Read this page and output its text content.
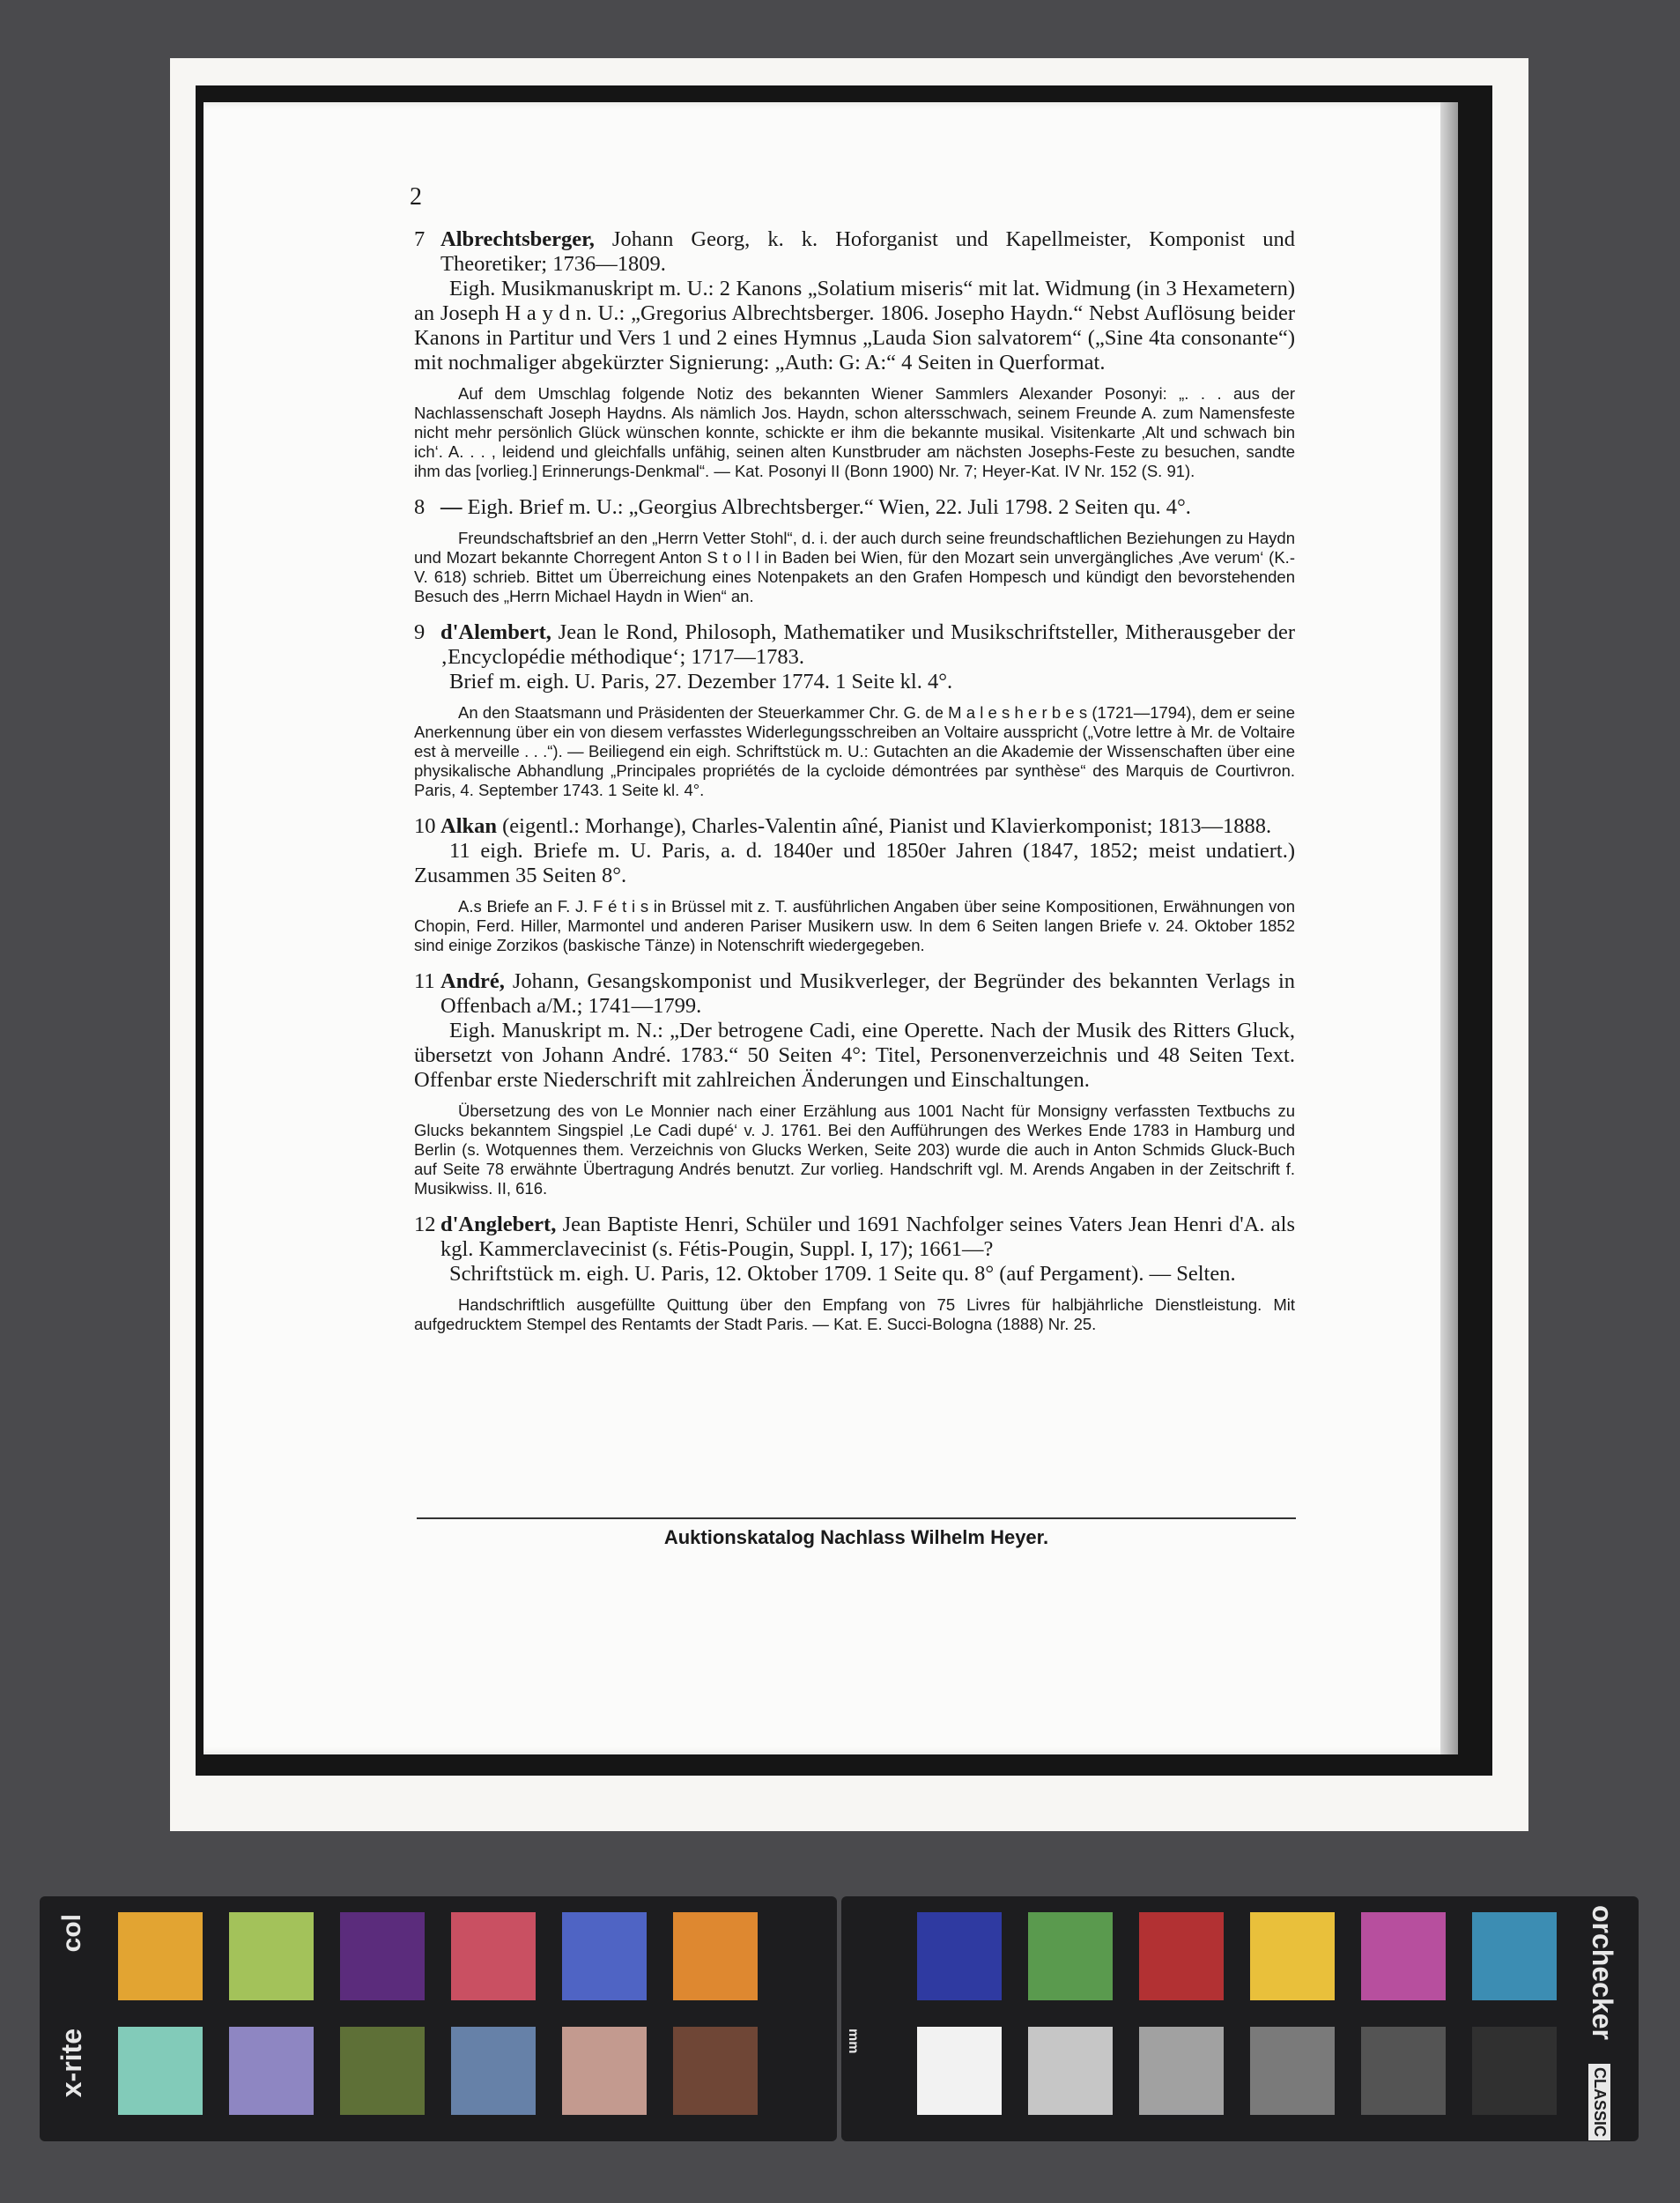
2
7 Albrechtsberger, Johann Georg, k. k. Hoforganist und Kapellmeister, Komponist und Theoretiker; 1736—1809.
Eigh. Musikmanuskript m. U.: 2 Kanons „Solatium miseris“ mit lat. Widmung (in 3 Hexametern) an Joseph H a y d n. U.: „Gregorius Albrechtsberger. 1806. Josepho Haydn.“ Nebst Auflösung beider Kanons in Partitur und Vers 1 und 2 eines Hymnus „Lauda Sion salvatorem“ („Sine 4ta consonante“) mit nochmaliger abgekürzter Signierung: „Auth: G: A:“ 4 Seiten in Querformat.
Auf dem Umschlag folgende Notiz des bekannten Wiener Sammlers Alexander Posonyi: „. . . aus der Nachlassenschaft Joseph Haydns. Als nämlich Jos. Haydn, schon altersschwach, seinem Freunde A. zum Namensfeste nicht mehr persönlich Glück wünschen konnte, schickte er ihm die bekannte musikal. Visitenkarte ‚Alt und schwach bin ich‘. A. . . , leidend und gleichfalls unfähig, seinen alten Kunstbruder am nächsten Josephs-Feste zu besuchen, sandte ihm das [vorlieg.] Erinnerungs-Denkmal“. — Kat. Posonyi II (Bonn 1900) Nr. 7; Heyer-Kat. IV Nr. 152 (S. 91).
8 — Eigh. Brief m. U.: „Georgius Albrechtsberger.“ Wien, 22. Juli 1798. 2 Seiten qu. 4°.
Freundschaftsbrief an den „Herrn Vetter Stohl“, d. i. der auch durch seine freundschaftlichen Beziehungen zu Haydn und Mozart bekannte Chorregent Anton S t o l l in Baden bei Wien, für den Mozart sein unvergängliches ‚Ave verum‘ (K.-V. 618) schrieb. Bittet um Überreichung eines Notenpakets an den Grafen Hompesch und kündigt den bevorstehenden Besuch des „Herrn Michael Haydn in Wien“ an.
9 d'Alembert, Jean le Rond, Philosoph, Mathematiker und Musikschriftsteller, Mitherausgeber der ‚Encyclopédie méthodique‘; 1717—1783.
Brief m. eigh. U. Paris, 27. Dezember 1774. 1 Seite kl. 4°.
An den Staatsmann und Präsidenten der Steuerkammer Chr. G. de M a l e s h e r b e s (1721—1794), dem er seine Anerkennung über ein von diesem verfasstes Widerlegungsschreiben an Voltaire ausspricht („Votre lettre à Mr. de Voltaire est à merveille . . .“). — Beiliegend ein eigh. Schriftstück m. U.: Gutachten an die Akademie der Wissenschaften über eine physikalische Abhandlung „Principales propriétés de la cycloide démontrées par synthèse“ des Marquis de Courtivron. Paris, 4. September 1743. 1 Seite kl. 4°.
10 Alkan (eigentl.: Morhange), Charles-Valentin aîné, Pianist und Klavierkomponist; 1813—1888.
11 eigh. Briefe m. U. Paris, a. d. 1840er und 1850er Jahren (1847, 1852; meist undatiert.) Zusammen 35 Seiten 8°.
A.s Briefe an F. J. F é t i s in Brüssel mit z. T. ausführlichen Angaben über seine Kompositionen, Erwähnungen von Chopin, Ferd. Hiller, Marmontel und anderen Pariser Musikern usw. In dem 6 Seiten langen Briefe v. 24. Oktober 1852 sind einige Zorzikos (baskische Tänze) in Notenschrift wiedergegeben.
11 André, Johann, Gesangskomponist und Musikverleger, der Begründer des bekannten Verlags in Offenbach a/M.; 1741—1799.
Eigh. Manuskript m. N.: „Der betrogene Cadi, eine Operette. Nach der Musik des Ritters Gluck, übersetzt von Johann André. 1783.“ 50 Seiten 4°: Titel, Personenverzeichnis und 48 Seiten Text. Offenbar erste Niederschrift mit zahlreichen Änderungen und Einschaltungen.
Übersetzung des von Le Monnier nach einer Erzählung aus 1001 Nacht für Monsigny verfassten Textbuchs zu Glucks bekanntem Singspiel ‚Le Cadi dupé‘ v. J. 1761. Bei den Aufführungen des Werkes Ende 1783 in Hamburg und Berlin (s. Wotquennes them. Verzeichnis von Glucks Werken, Seite 203) wurde die auch in Anton Schmids Gluck-Buch auf Seite 78 erwähnte Übertragung Andrés benutzt. Zur vorlieg. Handschrift vgl. M. Arends Angaben in der Zeitschrift f. Musikwiss. II, 616.
12 d'Anglebert, Jean Baptiste Henri, Schüler und 1691 Nachfolger seines Vaters Jean Henri d'A. als kgl. Kammerclavecinist (s. Fétis-Pougin, Suppl. I, 17); 1661—?
Schriftstück m. eigh. U. Paris, 12. Oktober 1709. 1 Seite qu. 8° (auf Pergament). — Selten.
Handschriftlich ausgefüllte Quittung über den Empfang von 75 Livres für halbjährliche Dienstleistung. Mit aufgedrucktem Stempel des Rentamts der Stadt Paris. — Kat. E. Succi-Bologna (1888) Nr. 25.
Auktionskatalog Nachlass Wilhelm Heyer.
col
x-rite	mm
orchecker
CLASSIC
